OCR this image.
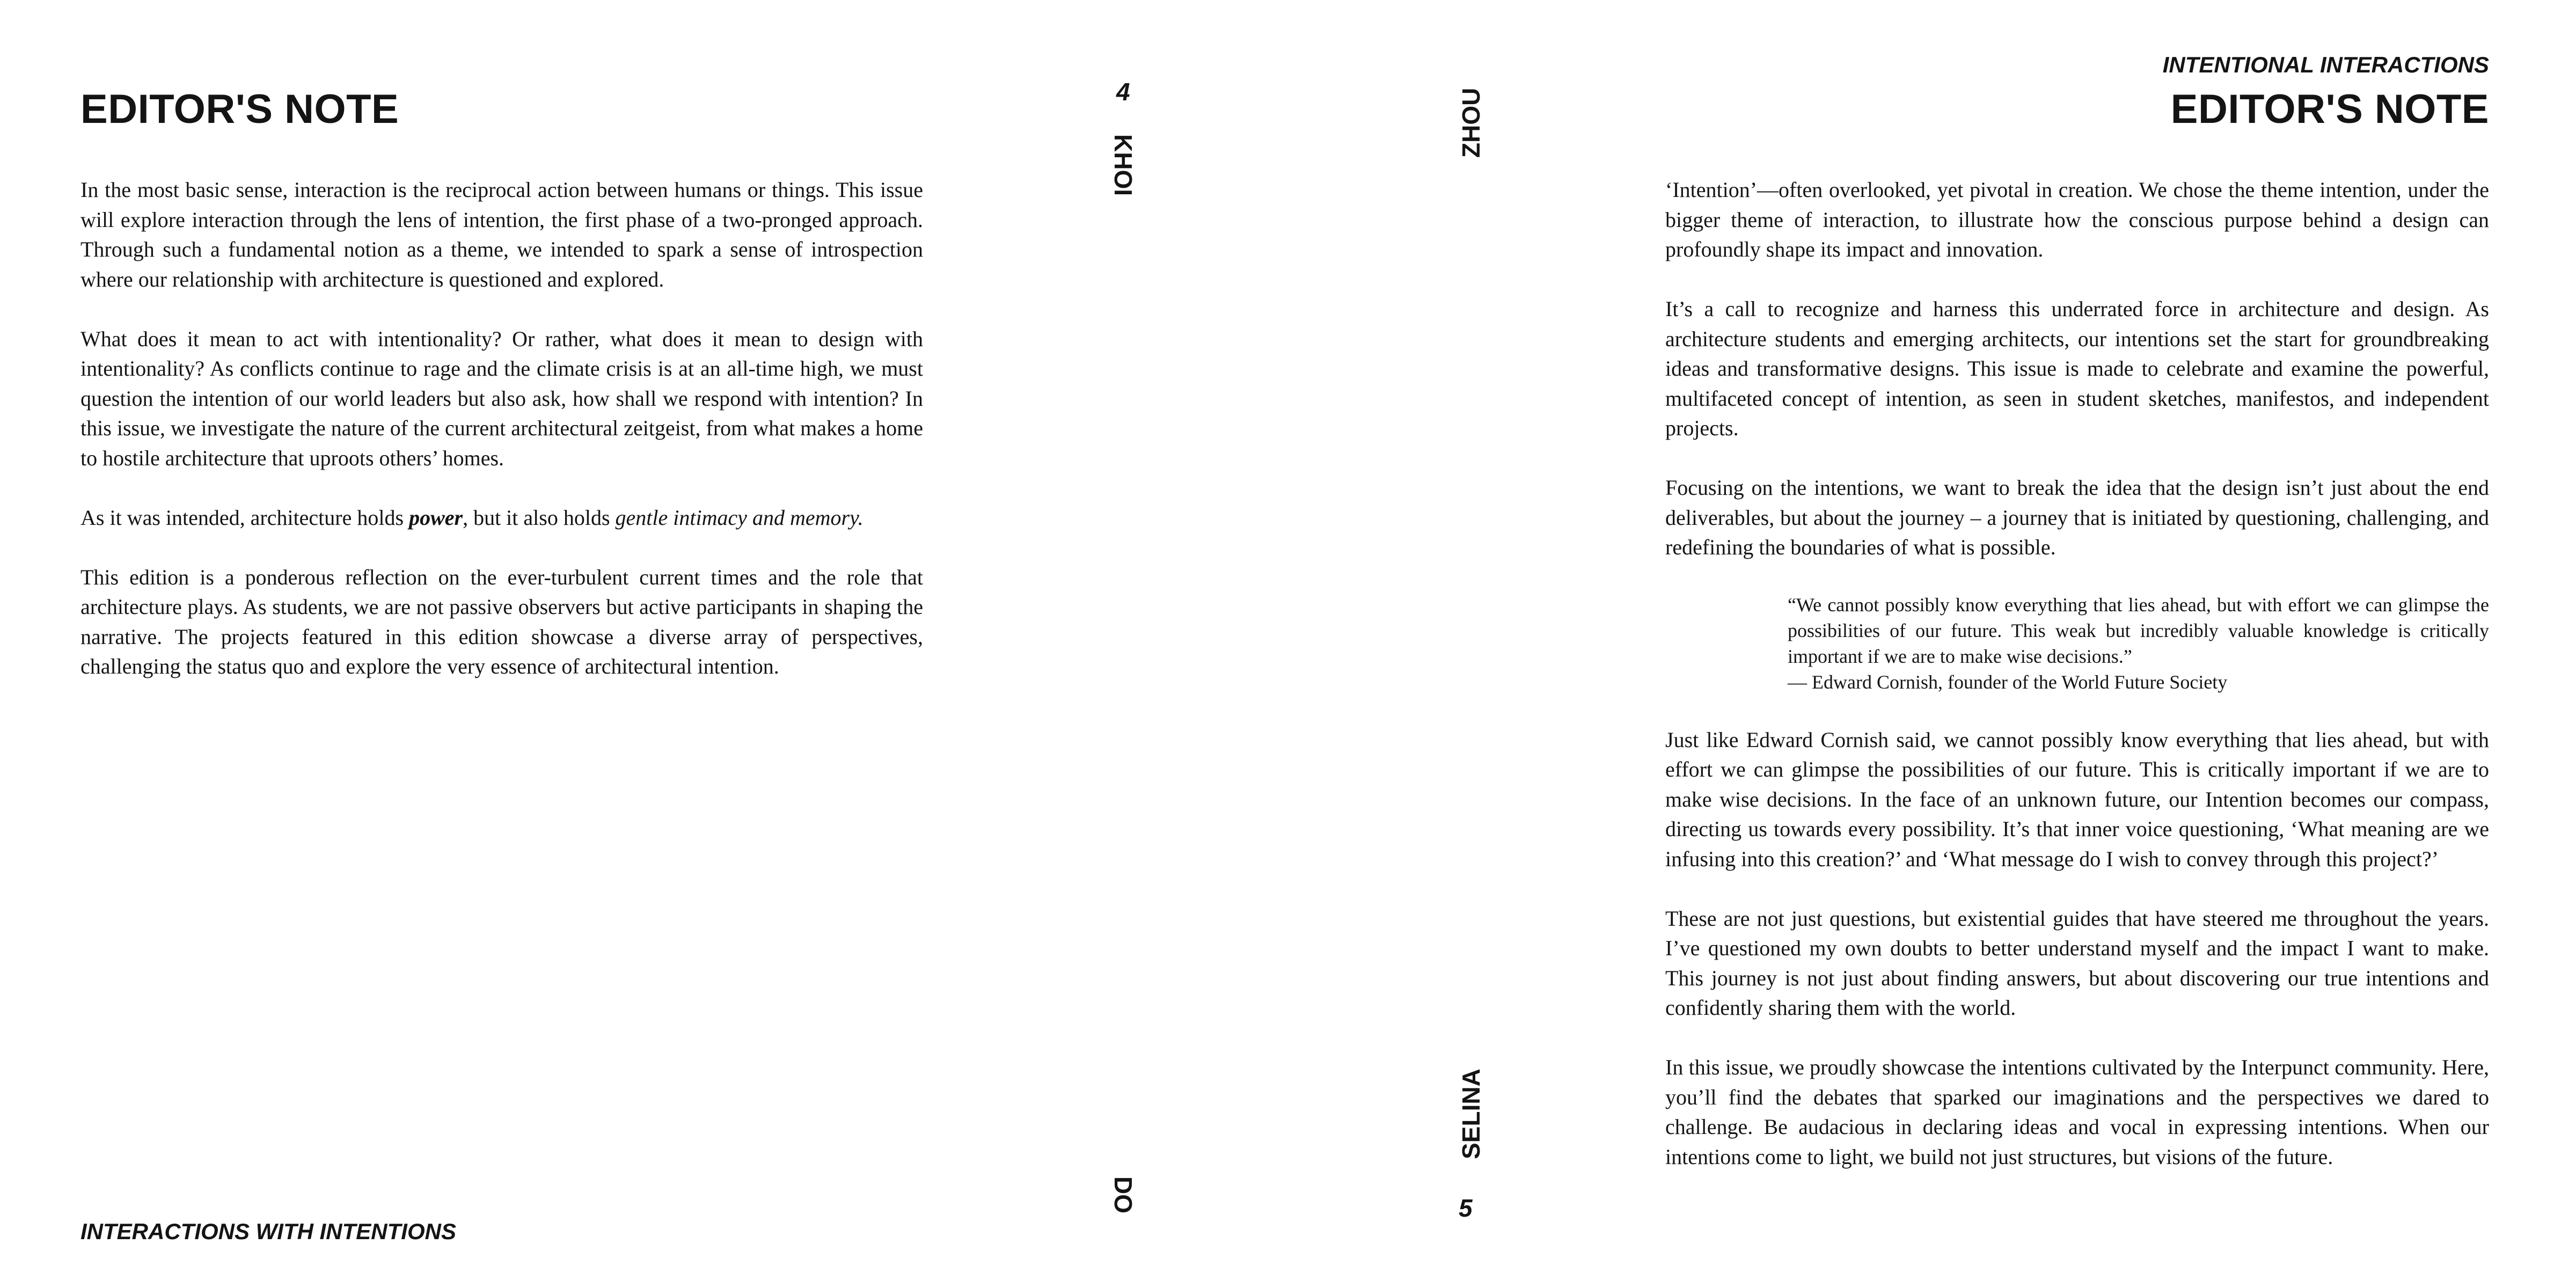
EDITOR'S NOTE

In the most basic sense, interaction is the reciprocal action between humans or things. This issue will explore interaction through the lens of intention, the first phase of a two-pronged approach. Through such a fundamental notion as a theme, we intended to spark a sense of introspection where our relationship with architecture is questioned and explored.

What does it mean to act with intentionality? Or rather, what does it mean to design with intentionality? As conflicts continue to rage and the climate crisis is at an all-time high, we must question the intention of our world leaders but also ask, how shall we respond with intention? In this issue, we investigate the nature of the current architectural zeitgeist, from what makes a home to hostile architecture that uproots others’ homes.

As it was intended, architecture holds power, but it also holds gentle intimacy and memory.

This edition is a ponderous reflection on the ever-turbulent current times and the role that architecture plays. As students, we are not passive observers but active participants in shaping the narrative. The projects featured in this edition showcase a diverse array of perspectives, challenging the status quo and explore the very essence of architectural intention.

INTERACTIONS WITH INTENTIONS
4
KHOI
DO
INTENTIONAL INTERACTIONS
EDITOR'S NOTE

‘Intention’—often overlooked, yet pivotal in creation. We chose the theme intention, under the bigger theme of interaction, to illustrate how the conscious purpose behind a design can profoundly shape its impact and innovation.

It’s a call to recognize and harness this underrated force in architecture and design. As architecture students and emerging architects, our intentions set the start for groundbreaking ideas and transformative designs. This issue is made to celebrate and examine the powerful, multifaceted concept of intention, as seen in student sketches, manifestos, and independent projects.

Focusing on the intentions, we want to break the idea that the design isn’t just about the end deliverables, but about the journey – a journey that is initiated by questioning, challenging, and redefining the boundaries of what is possible.

“We cannot possibly know everything that lies ahead, but with effort we can glimpse the possibilities of our future. This weak but incredibly valuable knowledge is critically important if we are to make wise decisions.”

— Edward Cornish, founder of the World Future Society

Just like Edward Cornish said, we cannot possibly know everything that lies ahead, but with effort we can glimpse the possibilities of our future. This is critically important if we are to make wise decisions. In the face of an unknown future, our Intention becomes our compass, directing us towards every possibility. It’s that inner voice questioning, ‘What meaning are we infusing into this creation?’ and ‘What message do I wish to convey through this project?’

These are not just questions, but existential guides that have steered me throughout the years. I’ve questioned my own doubts to better understand myself and the impact I want to make. This journey is not just about finding answers, but about discovering our true intentions and confidently sharing them with the world.

In this issue, we proudly showcase the intentions cultivated by the Interpunct community. Here, you’ll find the debates that sparked our imaginations and the perspectives we dared to challenge. Be audacious in declaring ideas and vocal in expressing intentions. When our intentions come to light, we build not just structures, but visions of the future.

ZHOU
SELINA
5
